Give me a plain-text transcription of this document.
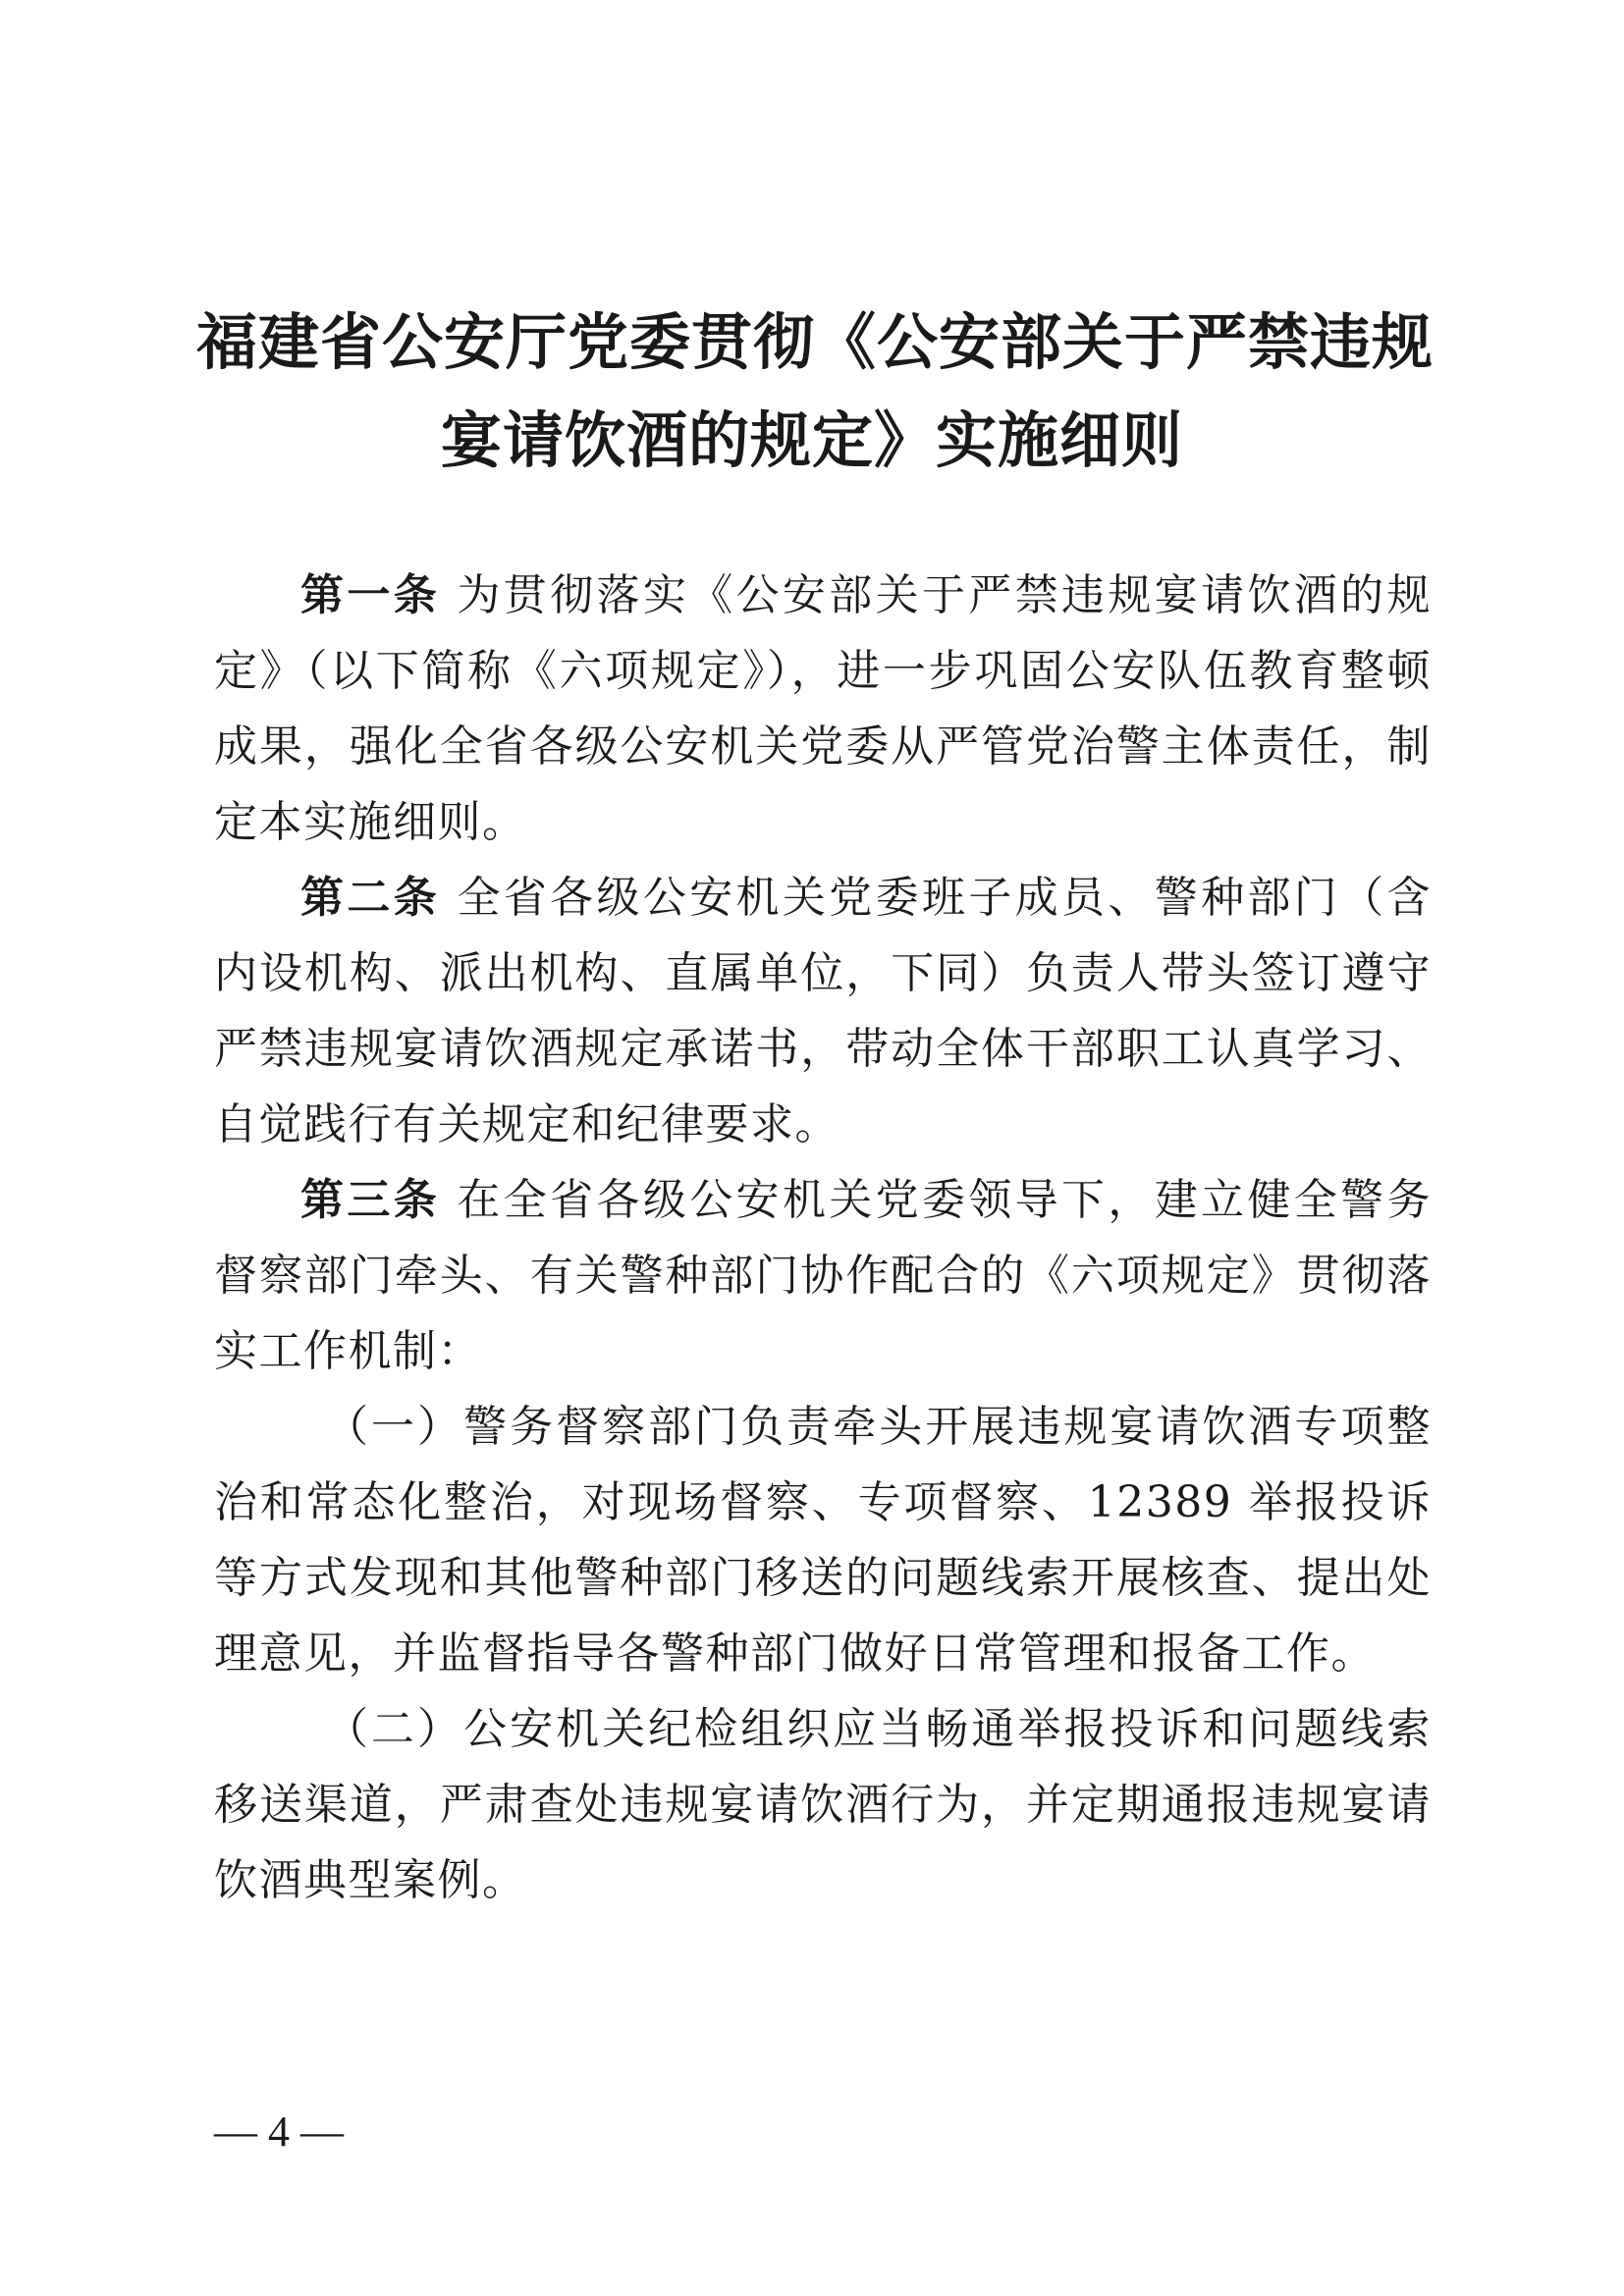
福建省公安厅党委贯彻《公安部关于严禁违规
宴请饮酒的规定》实施细则

第一条 为贯彻落实《公安部关于严禁违规宴请饮酒的规定》（以下简称《六项规定》），进一步巩固公安队伍教育整顿成果，强化全省各级公安机关党委从严管党治警主体责任，制定本实施细则。

第二条 全省各级公安机关党委班子成员、警种部门（含内设机构、派出机构、直属单位，下同）负责人带头签订遵守严禁违规宴请饮酒规定承诺书，带动全体干部职工认真学习、自觉践行有关规定和纪律要求。

第三条 在全省各级公安机关党委领导下，建立健全警务督察部门牵头、有关警种部门协作配合的《六项规定》贯彻落实工作机制：

（一）警务督察部门负责牵头开展违规宴请饮酒专项整治和常态化整治，对现场督察、专项督察、12389 举报投诉等方式发现和其他警种部门移送的问题线索开展核查、提出处理意见，并监督指导各警种部门做好日常管理和报备工作。

（二）公安机关纪检组织应当畅通举报投诉和问题线索移送渠道，严肃查处违规宴请饮酒行为，并定期通报违规宴请饮酒典型案例。

— 4 —
